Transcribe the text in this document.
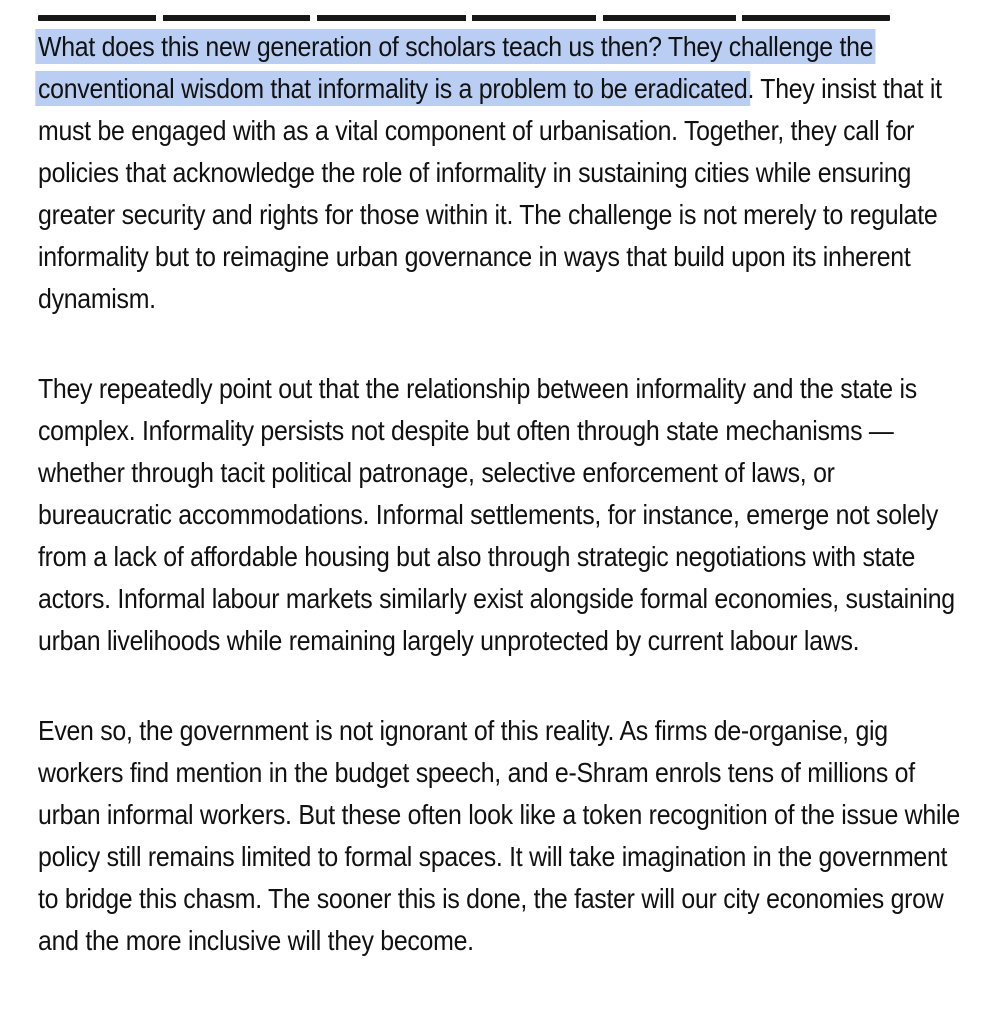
What does this new generation of scholars teach us then? They challenge the
conventional wisdom that informality is a problem to be eradicated. They insist that it
must be engaged with as a vital component of urbanisation. Together, they call for
policies that acknowledge the role of informality in sustaining cities while ensuring
greater security and rights for those within it. The challenge is not merely to regulate
informality but to reimagine urban governance in ways that build upon its inherent
dynamism.

They repeatedly point out that the relationship between informality and the state is
complex. Informality persists not despite but often through state mechanisms —
whether through tacit political patronage, selective enforcement of laws, or
bureaucratic accommodations. Informal settlements, for instance, emerge not solely
from a lack of affordable housing but also through strategic negotiations with state
actors. Informal labour markets similarly exist alongside formal economies, sustaining
urban livelihoods while remaining largely unprotected by current labour laws.

Even so, the government is not ignorant of this reality. As firms de-organise, gig
workers find mention in the budget speech, and e-Shram enrols tens of millions of
urban informal workers. But these often look like a token recognition of the issue while
policy still remains limited to formal spaces. It will take imagination in the government
to bridge this chasm. The sooner this is done, the faster will our city economies grow
and the more inclusive will they become.
